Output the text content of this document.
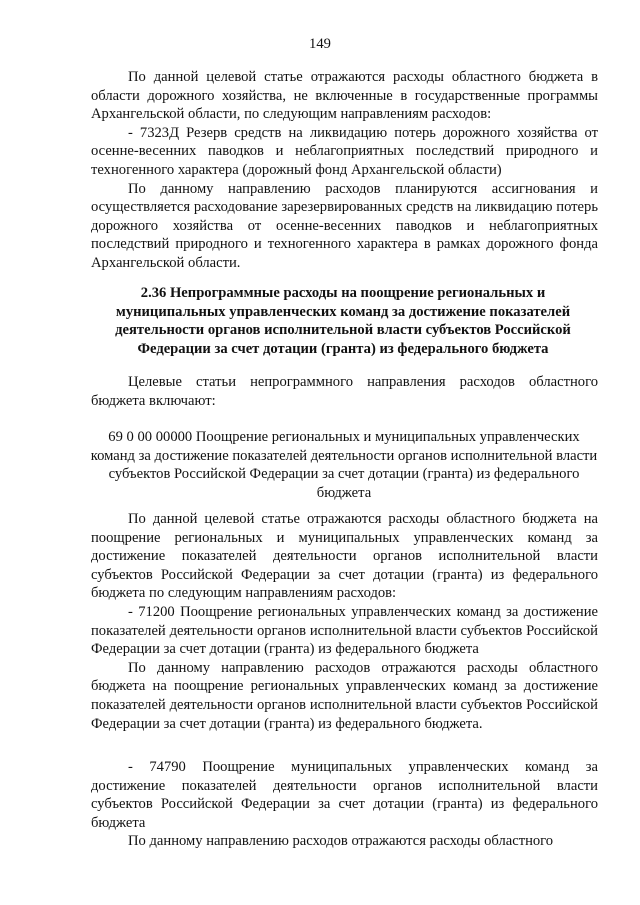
149

По данной целевой статье отражаются расходы областного бюджета в области дорожного хозяйства, не включенные в государственные программы Архангельской области, по следующим направлениям расходов:

- 7323Д Резерв средств на ликвидацию потерь дорожного хозяйства от осенне-весенних паводков и неблагоприятных последствий природного и техногенного характера (дорожный фонд Архангельской области)

По данному направлению расходов планируются ассигнования и осуществляется расходование зарезервированных средств на ликвидацию потерь дорожного хозяйства от осенне-весенних паводков и неблагоприятных последствий природного и техногенного характера в рамках дорожного фонда Архангельской области.

2.36 Непрограммные расходы на поощрение региональных и муниципальных управленческих команд за достижение показателей деятельности органов исполнительной власти субъектов Российской Федерации за счет дотации (гранта) из федерального бюджета

Целевые статьи непрограммного направления расходов областного бюджета включают:

69 0 00 00000 Поощрение региональных и муниципальных управленческих команд за достижение показателей деятельности органов исполнительной власти субъектов Российской Федерации за счет дотации (гранта) из федерального бюджета

По данной целевой статье отражаются расходы областного бюджета на поощрение региональных и муниципальных управленческих команд за достижение показателей деятельности органов исполнительной власти субъектов Российской Федерации за счет дотации (гранта) из федерального бюджета по следующим направлениям расходов:

- 71200 Поощрение региональных управленческих команд за достижение показателей деятельности органов исполнительной власти субъектов Российской Федерации за счет дотации (гранта) из федерального бюджета

По данному направлению расходов отражаются расходы областного бюджета на поощрение региональных управленческих команд за достижение показателей деятельности органов исполнительной власти субъектов Российской Федерации за счет дотации (гранта) из федерального бюджета.

- 74790 Поощрение муниципальных управленческих команд за достижение показателей деятельности органов исполнительной власти субъектов Российской Федерации за счет дотации (гранта) из федерального бюджета

По данному направлению расходов отражаются расходы областного
